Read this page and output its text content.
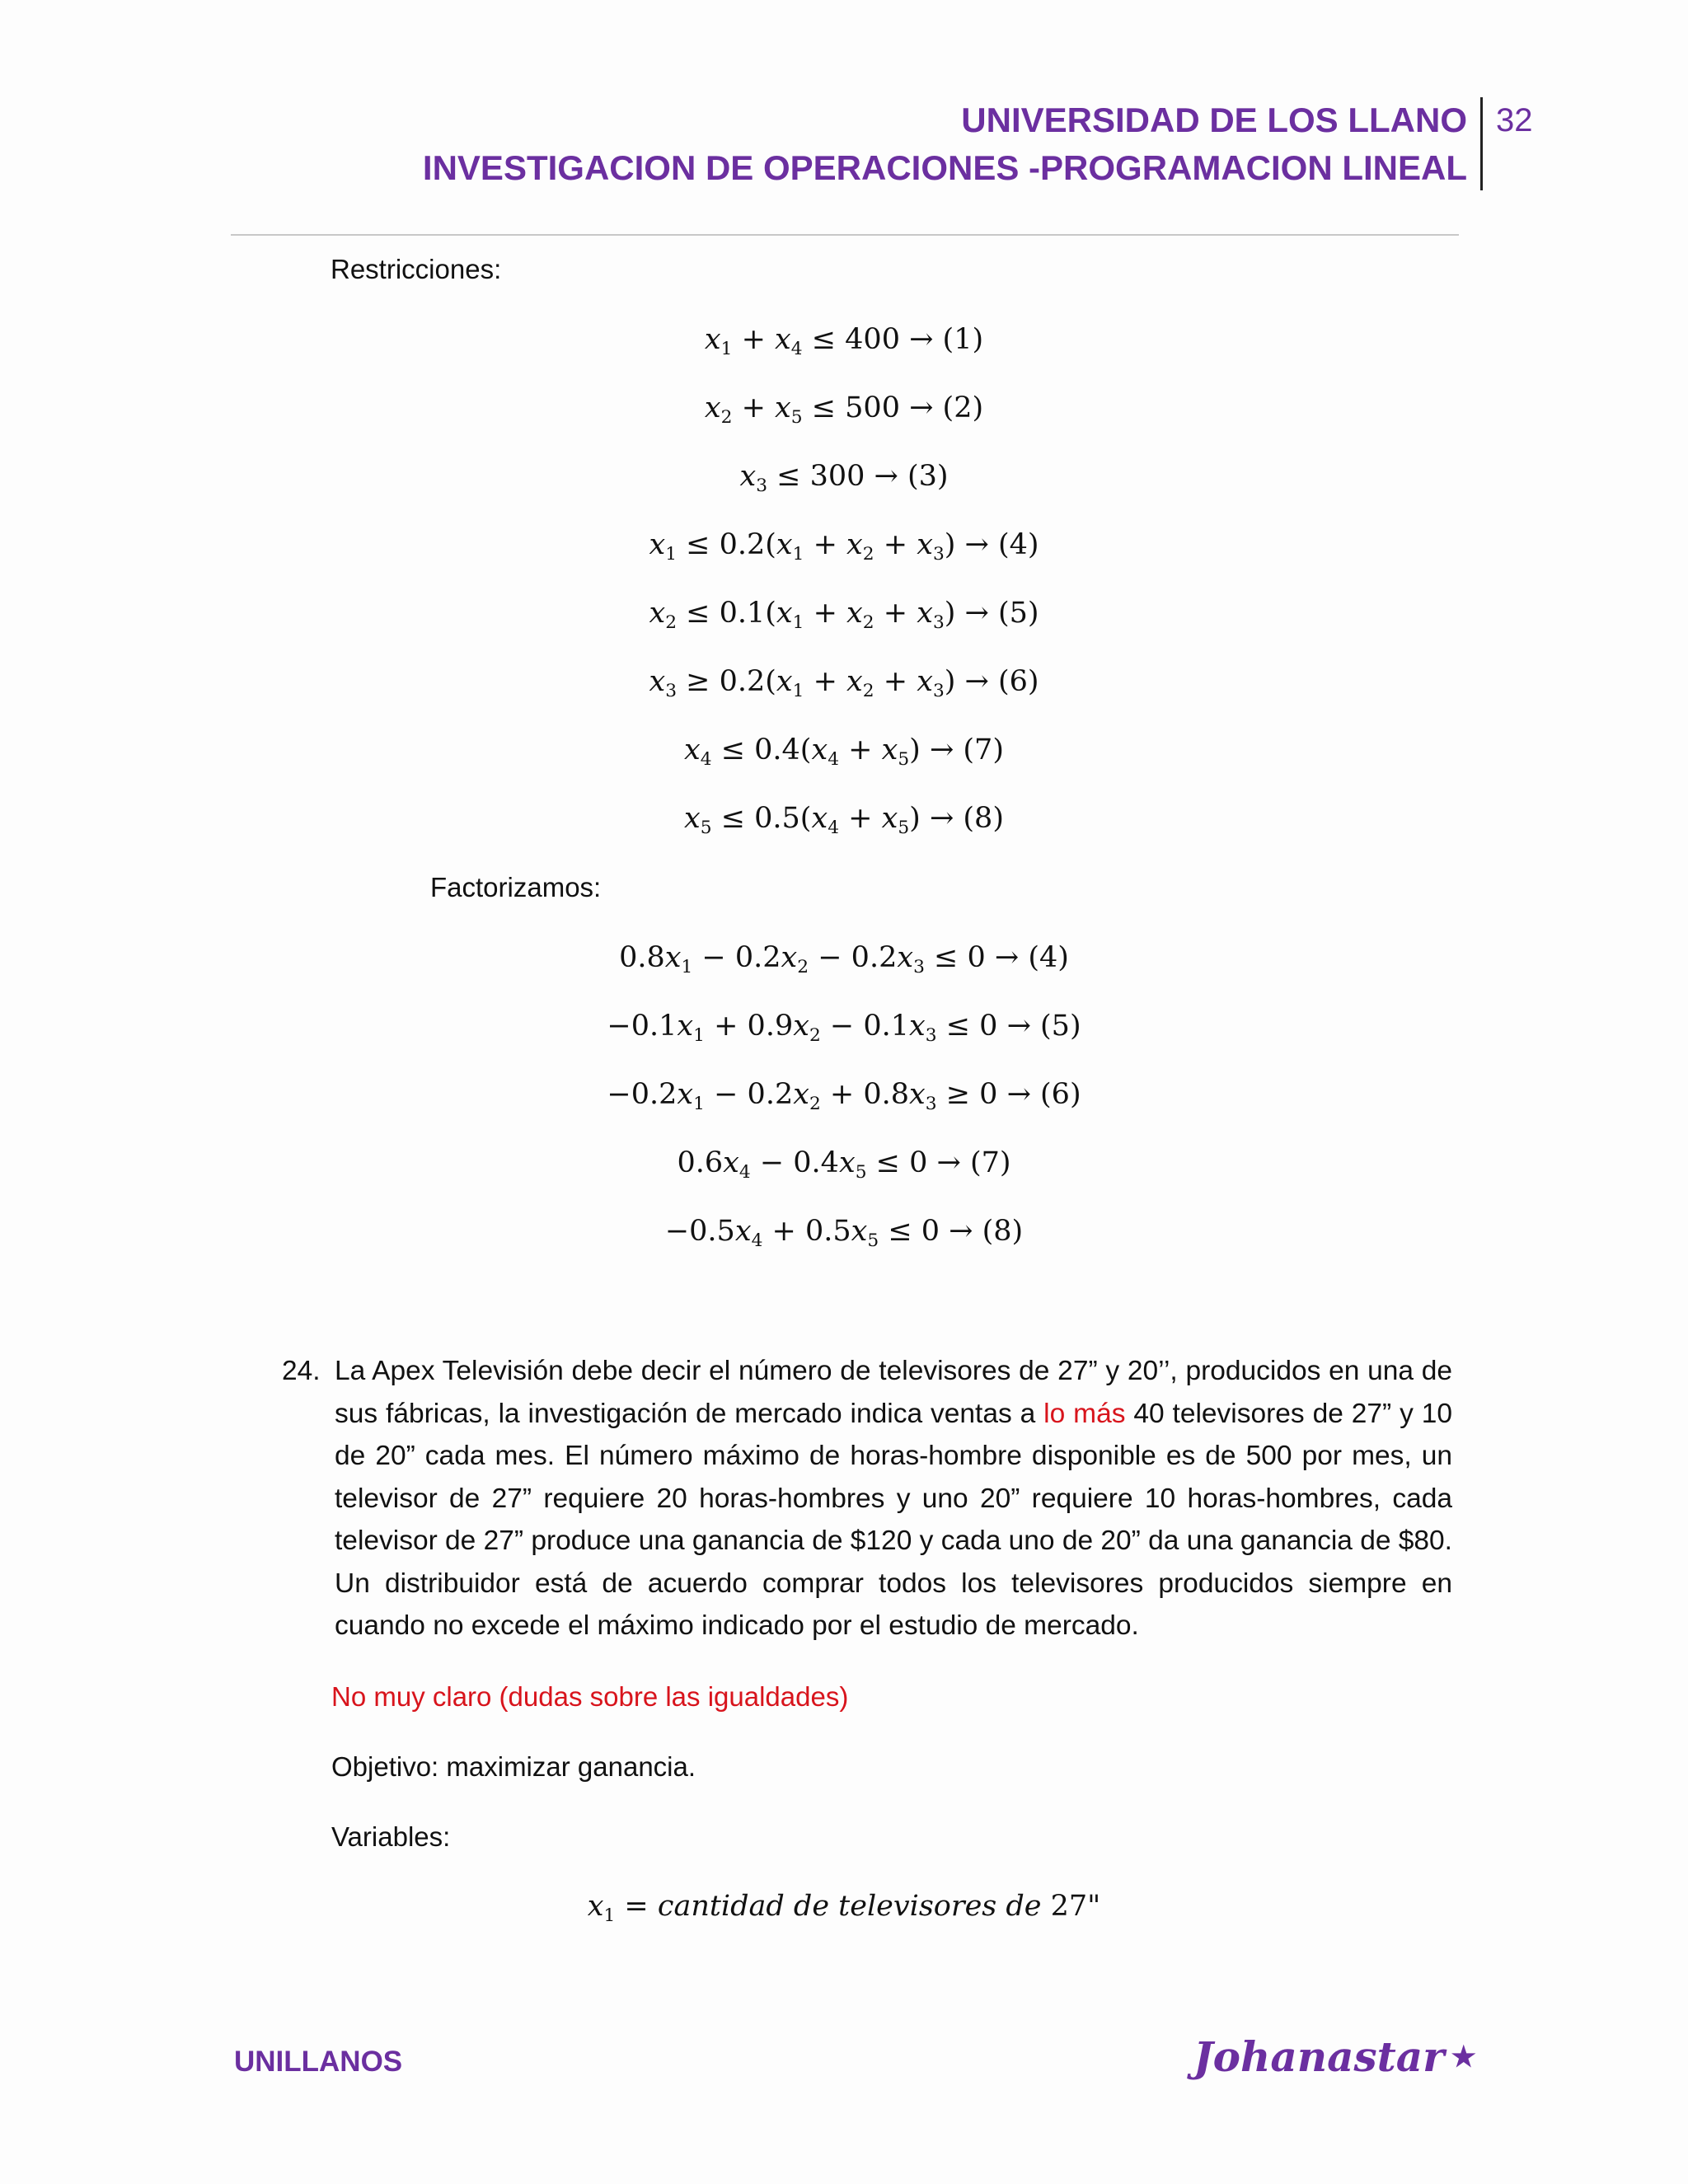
UNIVERSIDAD DE LOS LLANO
INVESTIGACION DE OPERACIONES -PROGRAMACION LINEAL
32
Restricciones:
$x_1 + x_4 \le 400 \to (1)$
$x_2 + x_5 \le 500 \to (2)$
$x_3 \le 300 \to (3)$
$x_1 \le 0.2(x_1 + x_2 + x_3) \to (4)$
$x_2 \le 0.1(x_1 + x_2 + x_3) \to (5)$
$x_3 \ge 0.2(x_1 + x_2 + x_3) \to (6)$
$x_4 \le 0.4(x_4 + x_5) \to (7)$
$x_5 \le 0.5(x_4 + x_5) \to (8)$
Factorizamos:
$0.8x_1 - 0.2x_2 - 0.2x_3 \le 0 \to (4)$
$-0.1x_1 + 0.9x_2 - 0.1x_3 \le 0 \to (5)$
$-0.2x_1 - 0.2x_2 + 0.8x_3 \ge 0 \to (6)$
$0.6x_4 - 0.4x_5 \le 0 \to (7)$
$-0.5x_4 + 0.5x_5 \le 0 \to (8)$
24. La Apex Televisión debe decir el número de televisores de 27” y 20’’, producidos en una de sus fábricas, la investigación de mercado indica ventas a lo más 40 televisores de 27” y 10 de 20” cada mes. El número máximo de horas-hombre disponible es de 500 por mes, un televisor de 27” requiere 20 horas-hombres y uno 20” requiere 10 horas-hombres, cada televisor de 27” produce una ganancia de $120 y cada uno de 20” da una ganancia de $80. Un distribuidor está de acuerdo comprar todos los televisores producidos siempre en cuando no excede el máximo indicado por el estudio de mercado.
No muy claro (dudas sobre las igualdades)
Objetivo: maximizar ganancia.
Variables:
$x_1$ = cantidad de televisores de 27"
UNILLANOS	Johanastar ★
